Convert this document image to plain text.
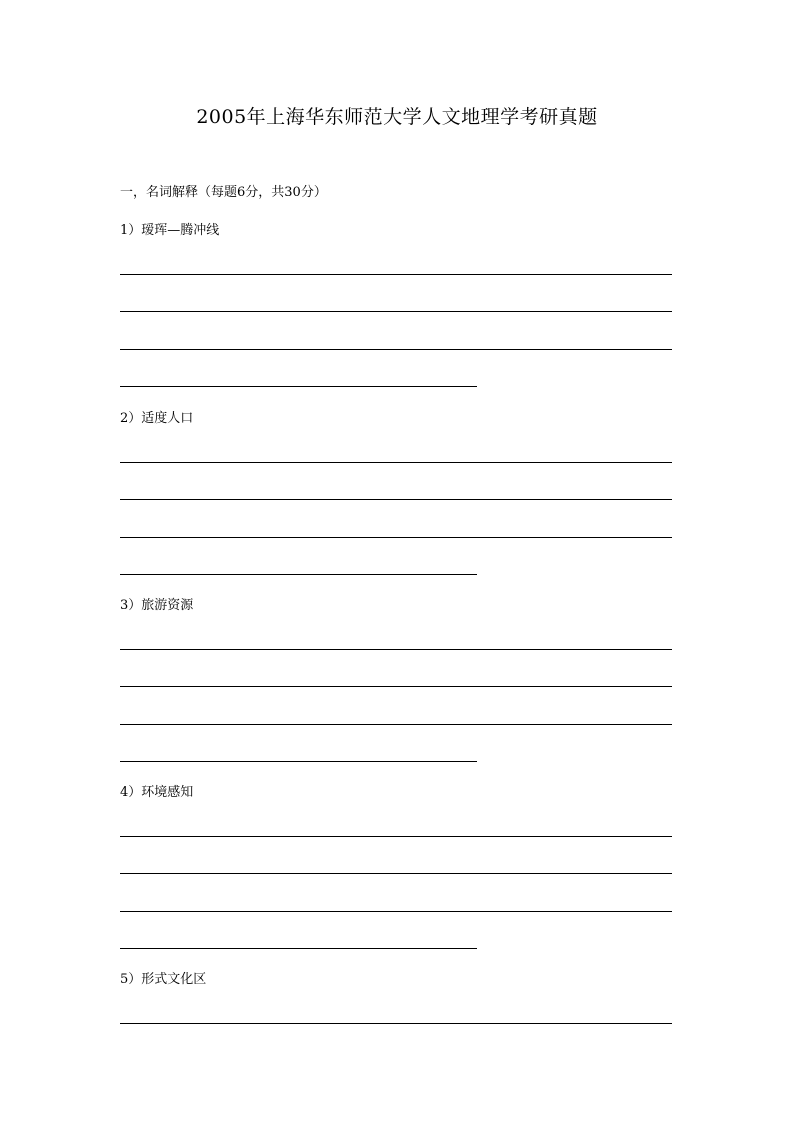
2005年上海华东师范大学人文地理学考研真题
一，名词解释（每题6分，共30分）
1）瑷珲—腾冲线
2）适度人口
3）旅游资源
4）环境感知
5）形式文化区
